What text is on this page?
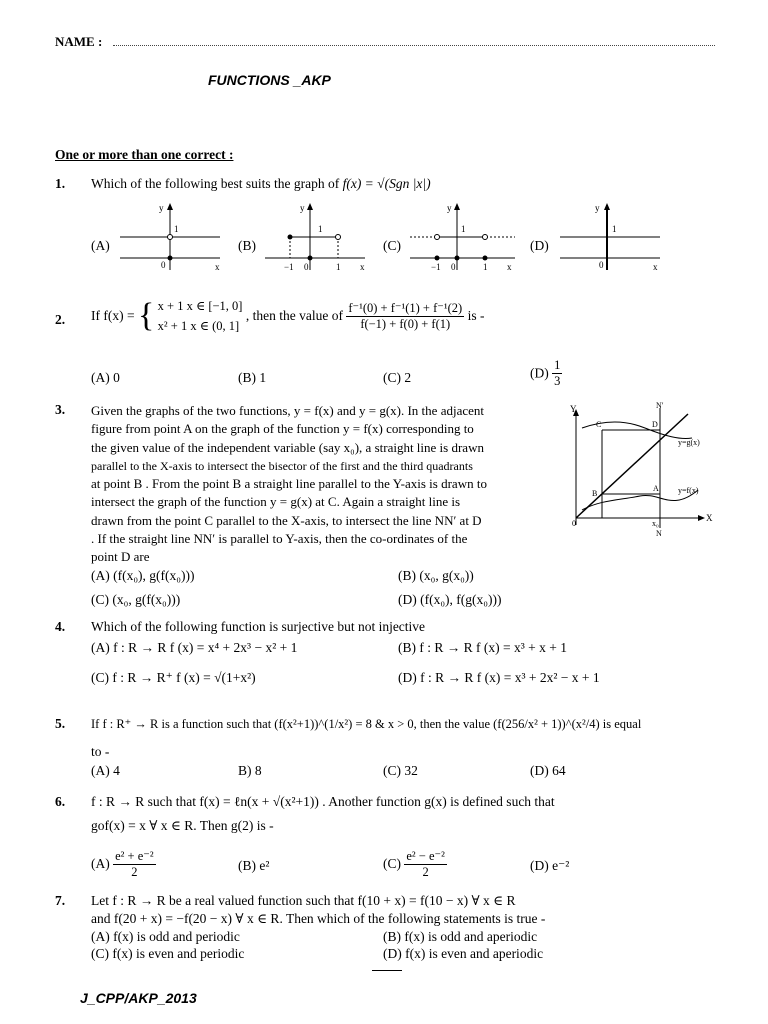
NAME :
FUNCTIONS _AKP
One or more than one correct :
1. Which of the following best suits the graph of f(x) = √(Sgn |x|)
(A)	(B)	(C)	(D)
y
1
0	x
y
1
−1 0	1 x
y
1
−1 0	1 x
y
1
0	x
2. If f(x) = { x + 1 x ∈ [−1, 0]
x² + 1 x ∈ (0, 1]
, then the value of $\frac{\text{f⁻¹(0) + f⁻¹(1) + f⁻¹(2)}}{f(-1) + f(0) + f(1)}$ is -
(A) 0	(B) 1	(C) 2	$(D) \frac{1}{3}$
3. Given the graphs of the two functions, y = f(x) and y = g(x). In the adjacent
figure from point A on the graph of the function y = f(x) corresponding to
the given value of the independent variable (say x₀), a straight line is drawn
parallel to the X-axis to intersect the bisector of the first and the third quadrants
at point B . From the point B a straight line parallel to the Y-axis is drawn to
intersect the graph of the function y = g(x) at C. Again a straight line is
drawn from the point C parallel to the X-axis, to intersect the line NN′ at D
. If the straight line NN′ is parallel to Y-axis, then the co-ordinates of the
point D are
Y
X
N′
N
C	D
B
A
0	x₀
y=g(x)
y=f(x)
(A) (f(x₀), g(f(x₀)))	(B) (x₀, g(x₀))
(C) (x₀, g(f(x₀)))	(D) (f(x₀), f(g(x₀)))
4. Which of the following function is surjective but not injective
(A) f : R → R f (x) = x⁴ + 2x³ − x² + 1	(B) f : R → R f (x) = x³ + x + 1
(C) f : R → R⁺ f (x) = √(1+x²)	(D) f : R → R f (x) = x³ + 2x² − x + 1
5. If f : R⁺ → R is a function such that (f(x²+1))^(1/x²) = 8 & x > 0, then the value (f(256/x² + 1))^(x²/4) is equal
to -
(A) 4	B) 8	(C) 32	(D) 64
6. f : R → R such that f(x) = ℓn(x + √(x²+1)) . Another function g(x) is defined such that
gof(x) = x ∀ x ∈ R. Then g(2) is -
$(A) \frac{\text{e² + e⁻²}}{2}$	(B) e²	$(C) \frac{\text{e² − e⁻²}}{2}$	(D) e⁻²
7. Let f : R → R be a real valued function such that f(10 + x) = f(10 − x) ∀ x ∈ R
and f(20 + x) = −f(20 − x) ∀ x ∈ R. Then which of the following statements is true -
(A) f(x) is odd and periodic	(B) f(x) is odd and aperiodic
(C) f(x) is even and periodic	(D) f(x) is even and aperiodic
J_CPP/AKP_2013
